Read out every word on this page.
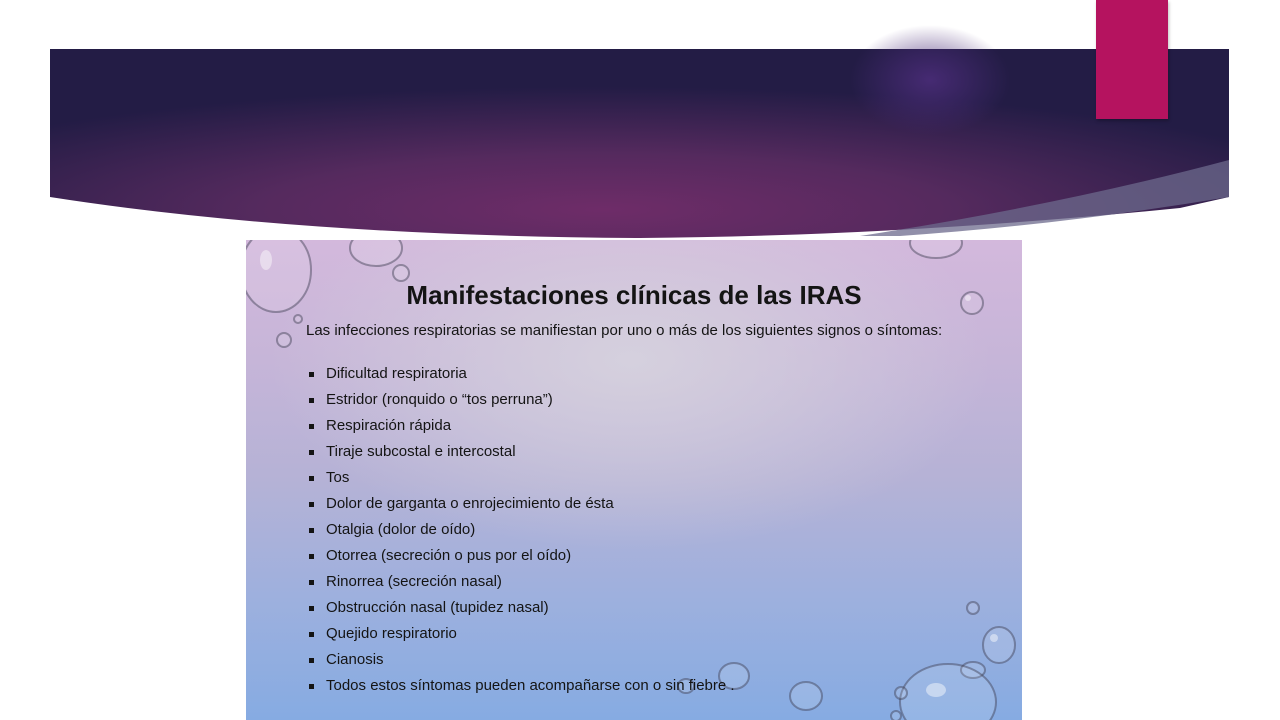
Manifestaciones clínicas de las IRAS

Las infecciones respiratorias se manifiestan por uno o más de los siguientes signos o síntomas:

Dificultad respiratoria
Estridor (ronquido o “tos perruna”)
Respiración rápida
Tiraje subcostal e intercostal
Tos
Dolor de garganta o enrojecimiento de ésta
Otalgia (dolor de oído)
Otorrea (secreción o pus por el oído)
Rinorrea (secreción nasal)
Obstrucción nasal (tupidez nasal)
Quejido respiratorio
Cianosis
Todos estos síntomas pueden acompañarse con o sin fiebre .
